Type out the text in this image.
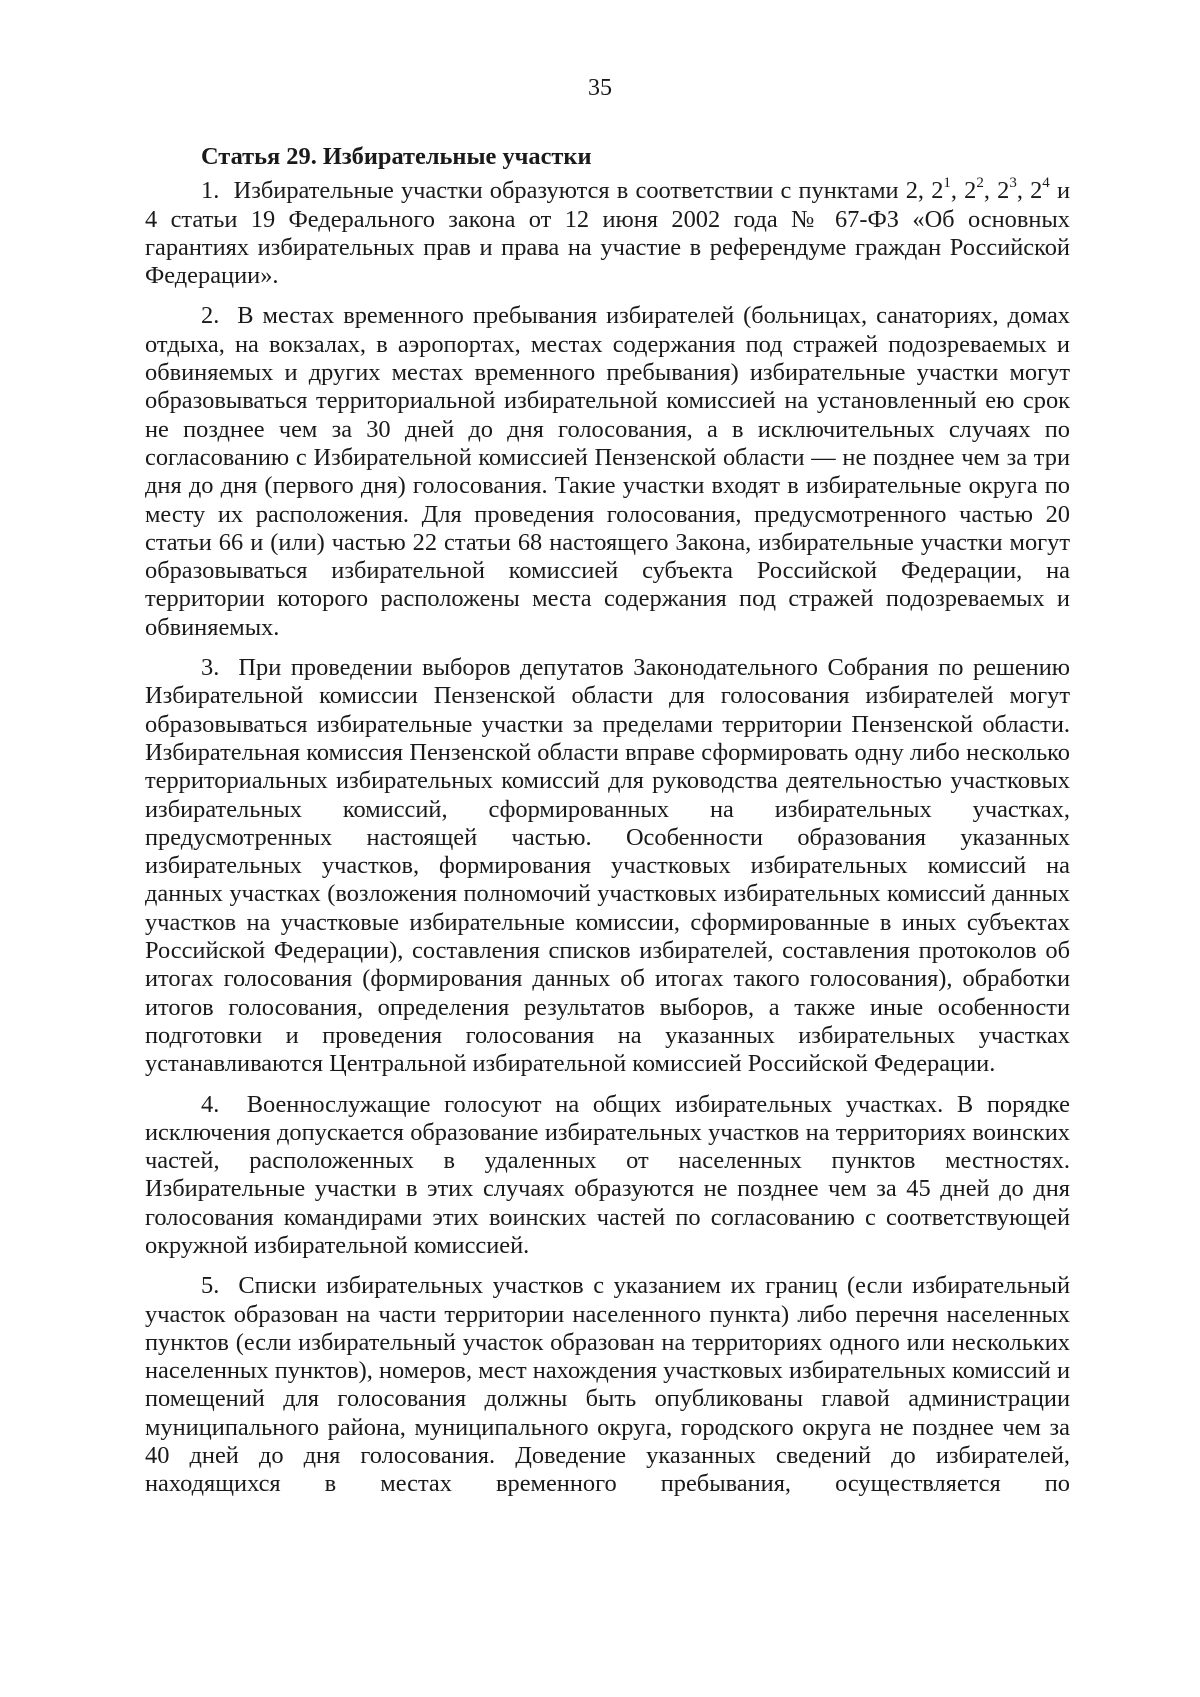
35

Статья 29. Избирательные участки

1. Избирательные участки образуются в соответствии с пунктами 2, $2^1$, $2^2$, $2^3$, $2^4$ и 4 статьи 19 Федерального закона от 12 июня 2002 года № 67-ФЗ «Об основных гарантиях избирательных прав и права на участие в референдуме граждан Российской Федерации».

2. В местах временного пребывания избирателей (больницах, санаториях, домах отдыха, на вокзалах, в аэропортах, местах содержания под стражей подозреваемых и обвиняемых и других местах временного пребывания) избирательные участки могут образовываться территориальной избирательной комиссией на установленный ею срок не позднее чем за 30 дней до дня голосования, а в исключительных случаях по согласованию с Избирательной комиссией Пензенской области — не позднее чем за три дня до дня (первого дня) голосования. Такие участки входят в избирательные округа по месту их расположения. Для проведения голосования, предусмотренного частью 20 статьи 66 и (или) частью 22 статьи 68 настоящего Закона, избирательные участки могут образовываться избирательной комиссией субъекта Российской Федерации, на территории которого расположены места содержания под стражей подозреваемых и обвиняемых.

3. При проведении выборов депутатов Законодательного Собрания по решению Избирательной комиссии Пензенской области для голосования избирателей могут образовываться избирательные участки за пределами территории Пензенской области. Избирательная комиссия Пензенской области вправе сформировать одну либо несколько территориальных избирательных комиссий для руководства деятельностью участковых избирательных комиссий, сформированных на избирательных участках, предусмотренных настоящей частью. Особенности образования указанных избирательных участков, формирования участковых избирательных комиссий на данных участках (возложения полномочий участковых избирательных комиссий данных участков на участковые избирательные комиссии, сформированные в иных субъектах Российской Федерации), составления списков избирателей, составления протоколов об итогах голосования (формирования данных об итогах такого голосования), обработки итогов голосования, определения результатов выборов, а также иные особенности подготовки и проведения голосования на указанных избирательных участках устанавливаются Центральной избирательной комиссией Российской Федерации.

4. Военнослужащие голосуют на общих избирательных участках. В порядке исключения допускается образование избирательных участков на территориях воинских частей, расположенных в удаленных от населенных пунктов местностях. Избирательные участки в этих случаях образуются не позднее чем за 45 дней до дня голосования командирами этих воинских частей по согласованию с соответствующей окружной избирательной комиссией.

5. Списки избирательных участков с указанием их границ (если избирательный участок образован на части территории населенного пункта) либо перечня населенных пунктов (если избирательный участок образован на территориях одного или нескольких населенных пунктов), номеров, мест нахождения участковых избирательных комиссий и помещений для голосования должны быть опубликованы главой администрации муниципального района, муниципального округа, городского округа не позднее чем за 40 дней до дня голосования. Доведение указанных сведений до избирателей, находящихся в местах временного пребывания, осуществляется по
